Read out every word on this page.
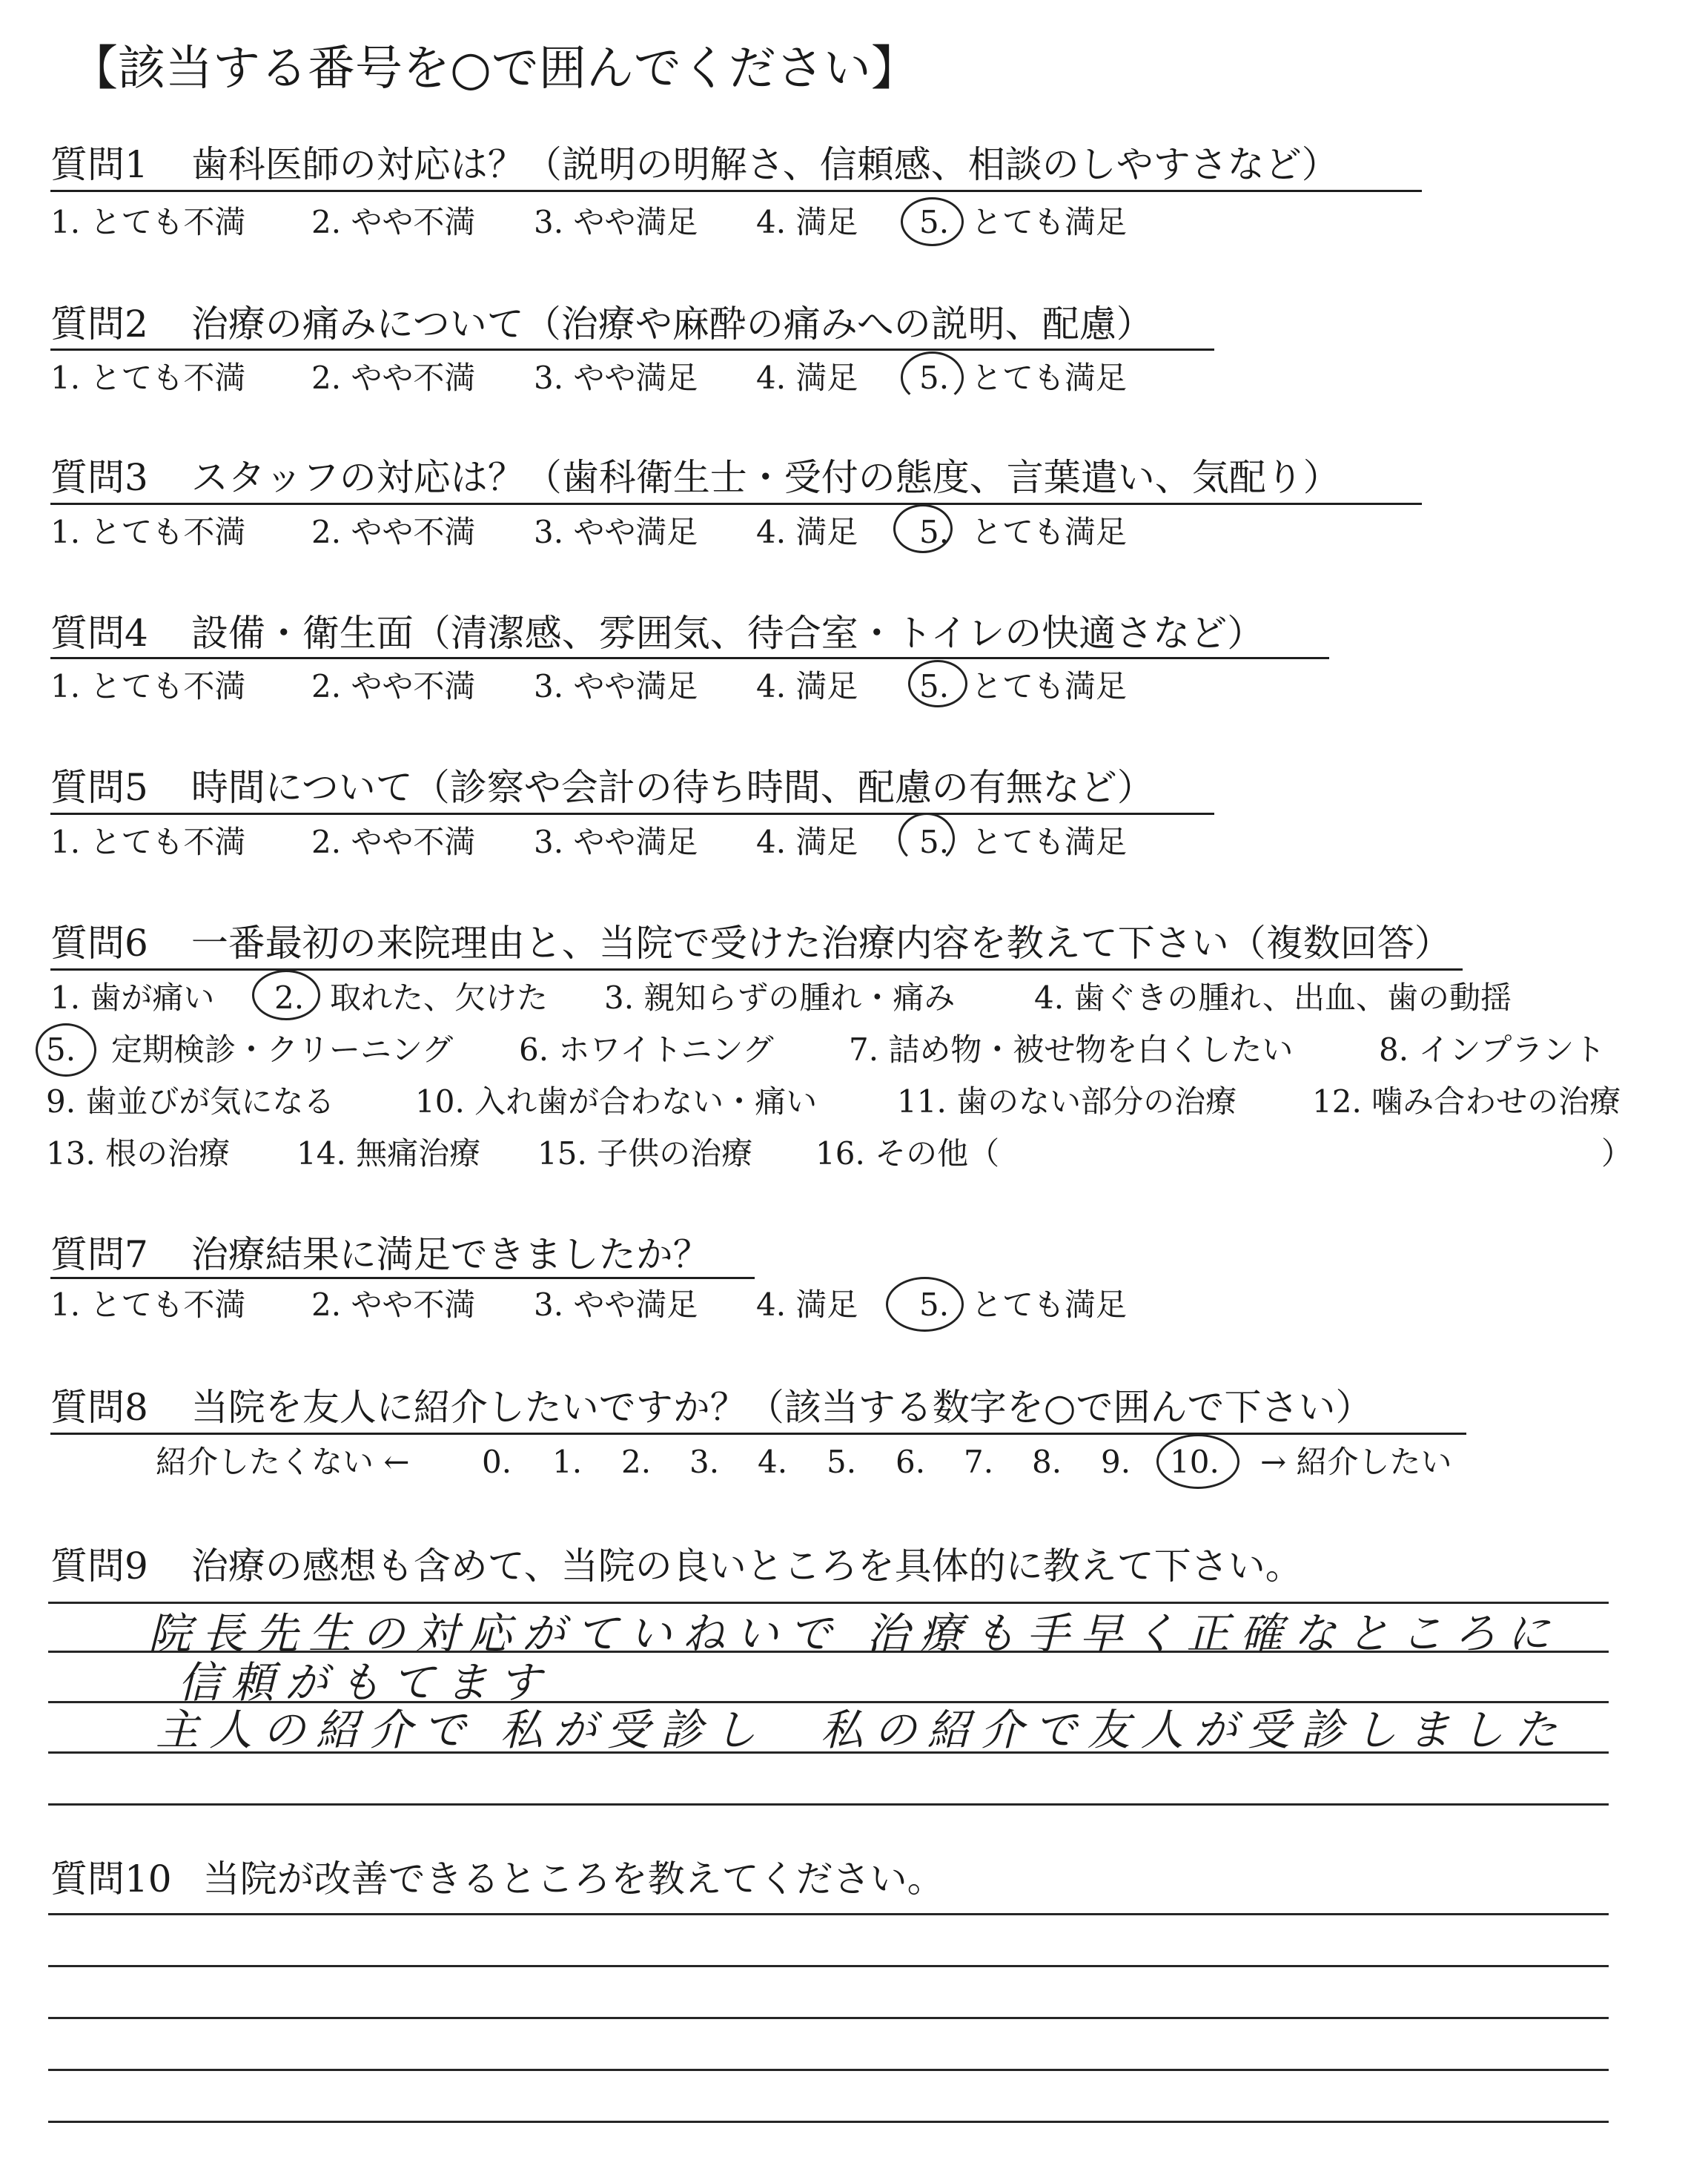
【該当する番号を○で囲んでください】
質問1 歯科医師の対応は？（説明の明解さ、信頼感、相談のしやすさなど）
1. とても不満 2. やや不満 3. やや満足 4. 満足 5. とても満足
質問2 治療の痛みについて（治療や麻酔の痛みへの説明、配慮）
1. とても不満 2. やや不満 3. やや満足 4. 満足 5. とても満足
質問3 スタッフの対応は？（歯科衛生士・受付の態度、言葉遣い、気配り）
1. とても不満 2. やや不満 3. やや満足 4. 満足 5. とても満足
質問4 設備・衛生面（清潔感、雰囲気、待合室・トイレの快適さなど）
1. とても不満 2. やや不満 3. やや満足 4. 満足 5. とても満足
質問5 時間について（診察や会計の待ち時間、配慮の有無など）
1. とても不満 2. やや不満 3. やや満足 4. 満足 5. とても満足
質問6 一番最初の来院理由と、当院で受けた治療内容を教えて下さい（複数回答）
1. 歯が痛い 2. 取れた、欠けた 3. 親知らずの腫れ・痛み	4. 歯ぐきの腫れ、出血、歯の動揺
5. 定期検診・クリーニング 6. ホワイトニング 7. 詰め物・被せ物を白くしたい	8. インプラント
9. 歯並びが気になる	10. 入れ歯が合わない・痛い	11. 歯のない部分の治療 12. 噛み合わせの治療
13. 根の治療 14. 無痛治療 15. 子供の治療 16. その他（	）
質問7 治療結果に満足できましたか？
1. とても不満 2. やや不満 3. やや満足 4. 満足 5. とても満足
質問8 当院を友人に紹介したいですか？（該当する数字を○で囲んで下さい）
紹介したくない ← 0. 1. 2. 3. 4. 5. 6. 7. 8. 9. 10. → 紹介したい
質問9 治療の感想も含めて、当院の良いところを具体的に教えて下さい。
院長先生の対応がていねいで 治療も手早く正確なところに
信頼がもてます
主人の紹介で 私が受診し　私の紹介で友人が受診しました
質問10 当院が改善できるところを教えてください。
